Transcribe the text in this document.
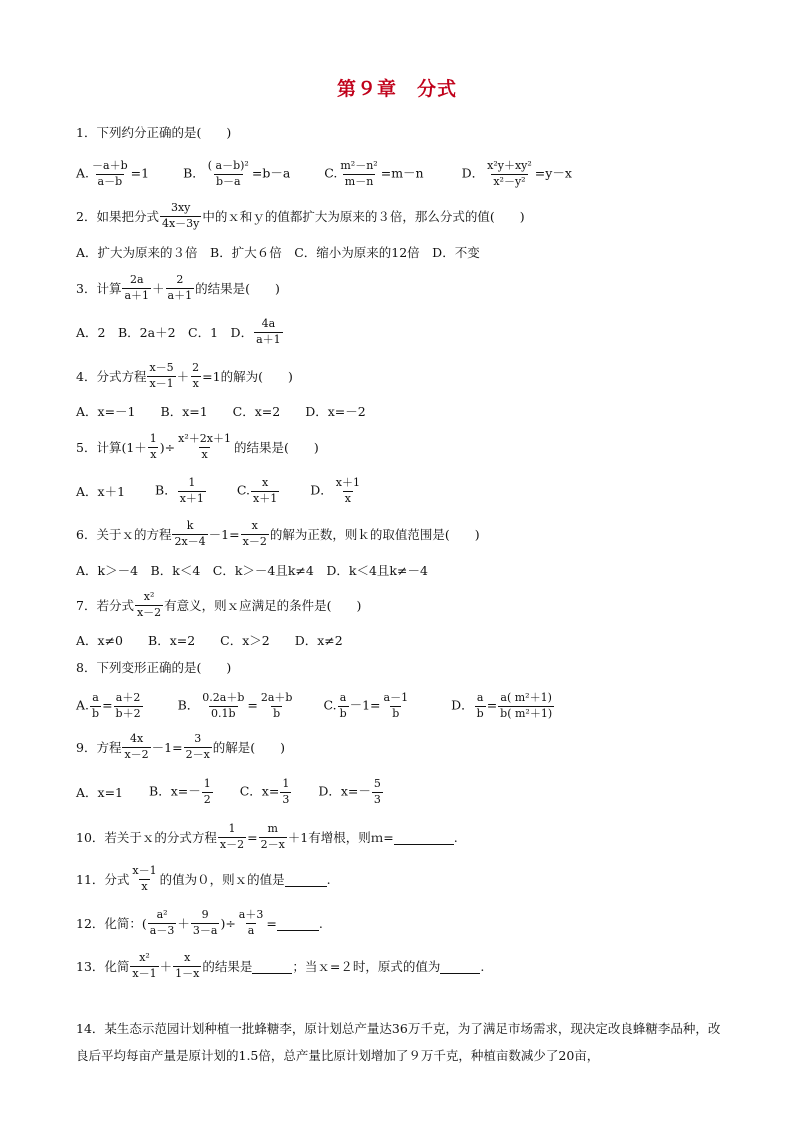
第９章　分式
1．下列约分正确的是(　　)
A. $\frac{-a+b}{a-b} =1$	B． $\frac{\text{( a－b)²}}{b-a} =b-a$	C. $\frac{\text{m²－n²}}{m-n} =m-n$	D． $\frac{\text{x²y＋xy²}}{\text{x²－y²}} =y-x$
2．如果把分式 $\frac{3xy}{4x-3y}$ 中的ｘ和ｙ的值都扩大为原来的３倍，那么分式的值(　　)
A．扩大为原来的３倍　B．扩大６倍　C．缩小为原来的12倍　D．不变
3．计算 $\frac{2a}{a+1} + \frac{2}{a+1}$ 的结果是(　　)
A．2　B．2a＋2　C．1　D． $\frac{4a}{a+1}$
4．分式方程 $\frac{x-5}{x-1} + \frac{2}{x} =1$的解为(　　)
A．x=－1　　B．x=1　　C．x=2　　D．x=－2
5．计算($1+ \frac{1}{x}$ )÷ $\frac{\text{x²＋2x＋1}}{x}$ 的结果是(　　)
A．x＋1 B． $\frac{1}{x+1} C$. $\frac{x}{x+1}$ D． $\frac{x+1}{x}$
6．关于ｘ的方程 $\frac{k}{2x-4} -1= \frac{x}{x-2}$ 的解为正数，则ｋ的取值范围是(　　)
A．k＞－4　B．k＜4　C．k＞－4且k≠4　D．k＜4且k≠－4
7．若分式 $\frac{\text{x²}}{x-2}$ 有意义，则ｘ应满足的条件是(　　)
A．x≠0　　B．x=2　　C．x＞2　　D．x≠2
8．下列变形正确的是(　　)
A. $\frac{a}{b} = \frac{a+2}{b+2}$	B． $\frac{0.2a+b}{0.1b} = \frac{2a+b}{b} C$. $\frac{a}{b} -1= \frac{a-1}{b}$	D． $\frac{a}{b} = \frac{\text{a( m²＋1)}}{\text{b( m²＋1)}}$
9．方程 $\frac{4x}{x-2} -1= \frac{3}{2-x}$ 的解是(　　)
A．x=1 B．$x=- \frac{1}{2}$ C．$x= \frac{1}{3}$ D．$x=- \frac{5}{3}$
10．若关于ｘ的分式方程 $\frac{1}{x-2} = \frac{m}{2-x} +1$有增根，则ｍ=	.
11．分式 $\frac{x-1}{x}$ 的值为０，则ｘ的值是	.
12．化简：( $\frac{\text{a²}}{a-3} + \frac{9}{3-a}$ )÷ $\frac{a+3}{a}$ =	.
13．化简 $\frac{\text{x²}}{x-1} + \frac{x}{1-x}$ 的结果是	；当ｘ=２时，原式的值为	.
14．某生态示范园计划种植一批蜂糖李，原计划总产量达36万千克，为了满足市场需求，现决定改良蜂糖李品种，改良后平均每亩产量是原计划的1.5倍，总产量比原计划增加了９万千克，种植亩数减少了20亩，
